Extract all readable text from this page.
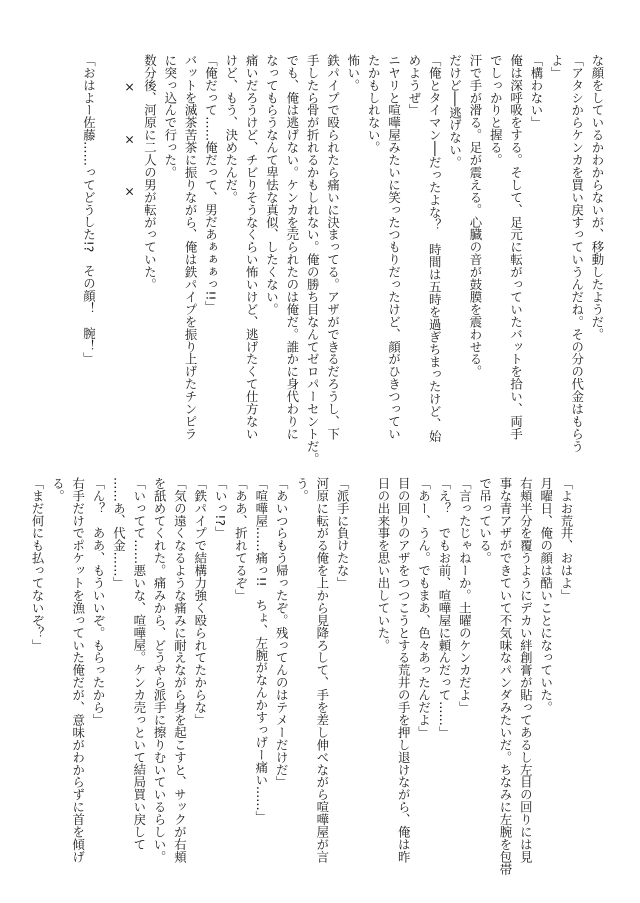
な顔をしているかわからないが、移動したようだ。
「アタシからケンカを買い戻すっていうんだね。その分の代金はもらう
よ」
「構わない」
俺は深呼吸をする。そして、足元に転がっていたバットを拾い、両手
でしっかりと握る。
汗で手が滑る。足が震える。心臓の音が鼓膜を震わせる。
だけど──逃げない。
「俺とタイマン──だったよな？　時間は五時を過ぎちまったけど、始
めようぜ」
ニヤリと喧嘩屋みたいに笑ったつもりだったけど、顔がひきつってい
たかもしれない。
怖い。
鉄パイプで殴られたら痛いに決まってる。アザができるだろうし、下
手したら骨が折れるかもしれない。俺の勝ち目なんてゼロパーセントだ。
でも、俺は逃げない。ケンカを売られたのは俺だ。誰かに身代わりに
なってもらうなんて卑怯な真似、したくない。
痛いだろうけど、チビりそうなくらい怖いけど、逃げたくて仕方ない
けど、もう、決めたんだ。
「俺だって……俺だって、男だあぁぁぁっ!!」
バットを滅茶苦茶に振りながら、俺は鉄パイプを振り上げたチンピラ
に突っ込んで行った。
数分後、河原に二人の男が転がっていた。
　　×　　　×　　　×

「おはよー佐藤……ってどうした!?　その顔！　腕！」
「よお荒井、おはよ」
月曜日、俺の顔は酷いことになっていた。
右頬半分を覆うようにデカい絆創膏が貼ってあるし左目の回りには見
事な青アザができていて不気味なパンダみたいだ。ちなみに左腕を包帯
で吊っている。
「言ったじゃねーか。土曜のケンカだよ」
「え？　でもお前、喧嘩屋に頼んだって……」
「あー、うん。でもまあ、色々あったんだよ」
目の回りのアザをつつこうとする荒井の手を押し退けながら、俺は昨
日の出来事を思い出していた。

「派手に負けたな」
河原に転がる俺を上から見降ろして、手を差し伸べながら喧嘩屋が言
う。
「あいつらもう帰ったぞ。残ってんのはテメーだけだ」
「喧嘩屋……痛っ!!　ちょ、左腕がなんかすっげー痛い……」
「ああ、折れてるぞ」
「いっ!?」
「鉄パイプで結構力強く殴られてたからな」
「気の遠くなるような痛みに耐えながら身を起こすと、サックが右頬
を舐めてくれた。痛みから、どうやら派手に擦りむいているらしい。
「いってて……悪いな、喧嘩屋。ケンカ売っといて結局買い戻して
……あ、代金……」
「ん？　ああ、もういいぞ。もらったから」
右手だけでポケットを漁っていた俺だが、意味がわからずに首を傾げ
る。
「まだ何にも払ってないぞ？」
